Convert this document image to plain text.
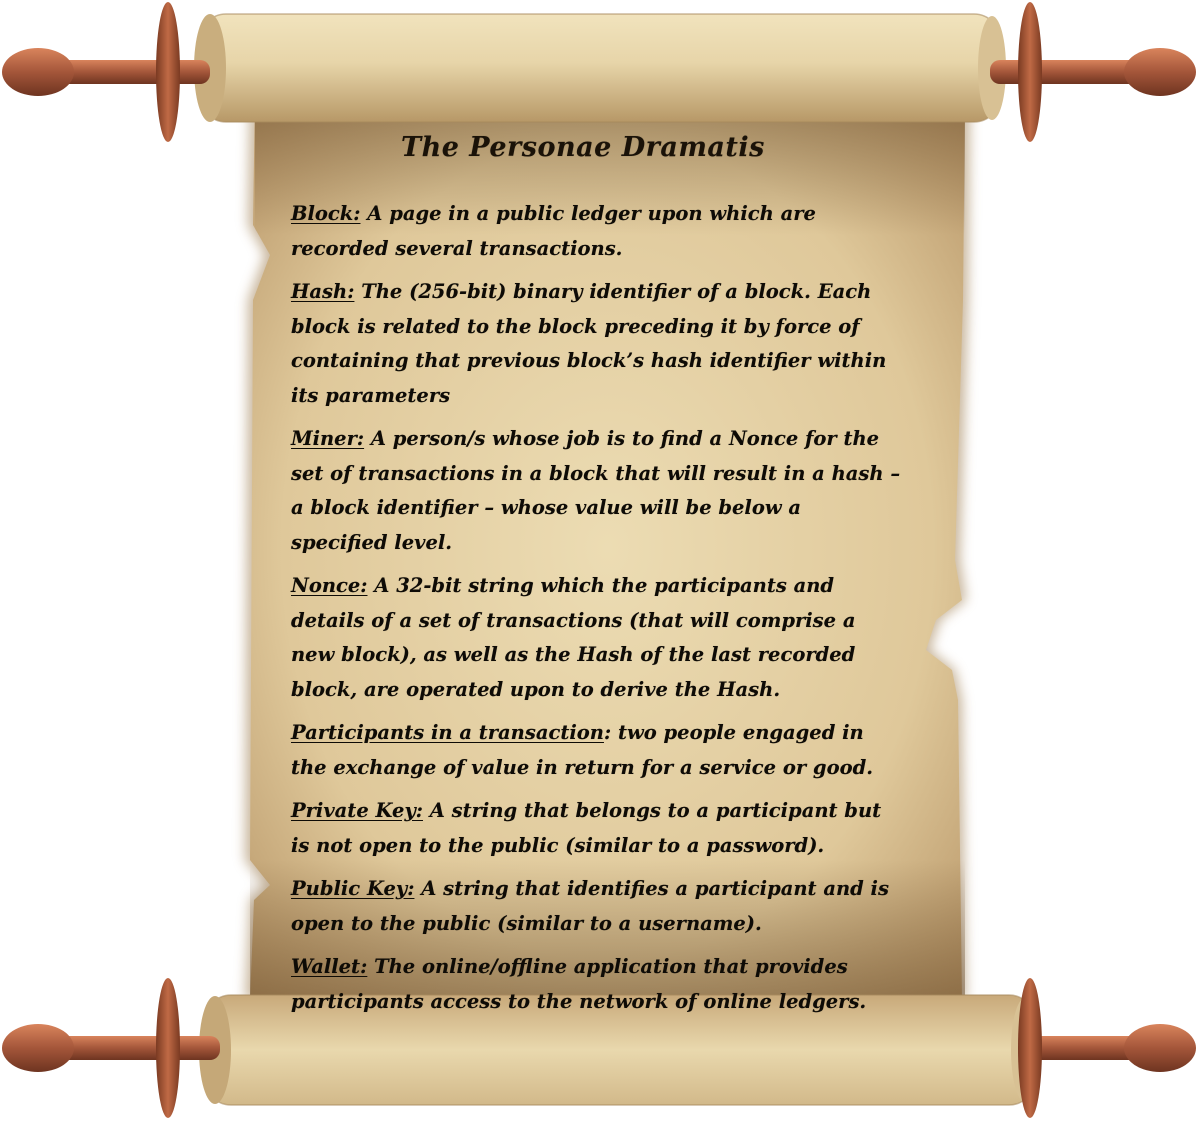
The Personae Dramatis
Block: A page in a public ledger upon which are recorded several transactions.
Hash: The (256-bit) binary identifier of a block. Each block is related to the block preceding it by force of containing that previous block’s hash identifier within its parameters
Miner: A person/s whose job is to find a Nonce for the set of transactions in a block that will result in a hash – a block identifier – whose value will be below a specified level.
Nonce: A 32-bit string which the participants and details of a set of transactions (that will comprise a new block), as well as the Hash of the last recorded block, are operated upon to derive the Hash.
Participants in a transaction: two people engaged in the exchange of value in return for a service or good.
Private Key: A string that belongs to a participant but is not open to the public (similar to a password).
Public Key: A string that identifies a participant and is open to the public (similar to a username).
Wallet: The online/offline application that provides participants access to the network of online ledgers.
